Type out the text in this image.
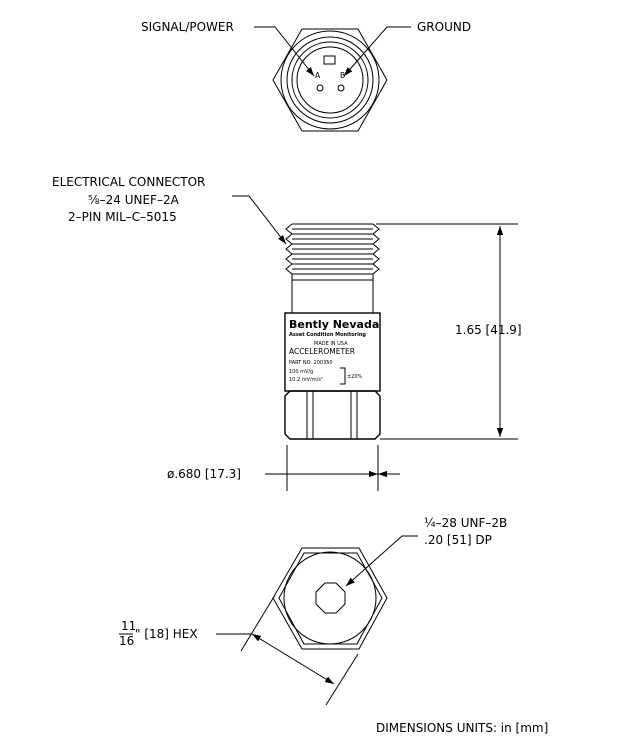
A	B
SIGNAL/POWER	GROUND
ELECTRICAL CONNECTOR
⅝–24 UNEF–2A
2–PIN MIL–C–5015
Bently Nevada
Asset Condition Monitoring
MADE IN USA
ACCELEROMETER
PART NO. 200350
100 mV/g
10.2 mV/m/s²	±20%
1.65 [41.9]
ø.680 [17.3]
¼–28 UNF–2B
.20 [51] DP
11
16 " [18] HEX
DIMENSIONS UNITS: in [mm]
